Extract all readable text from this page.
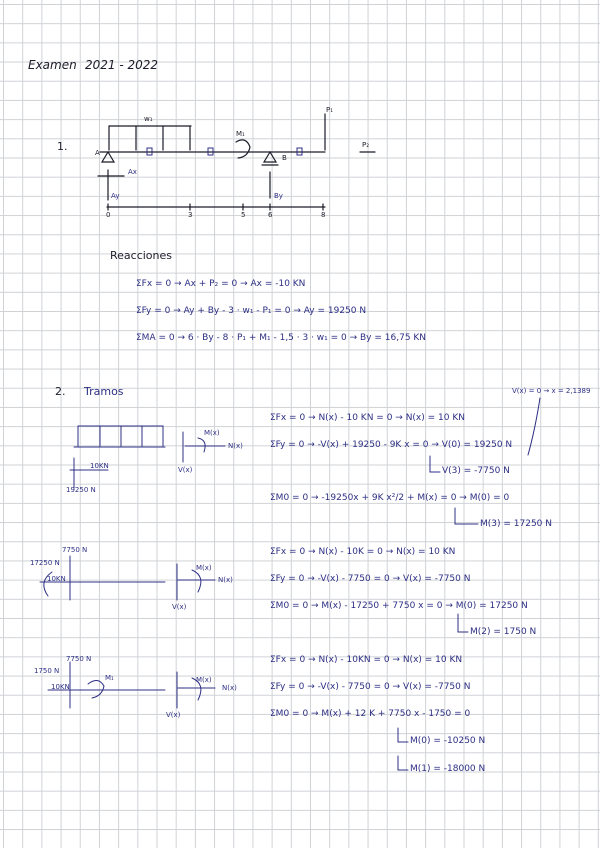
Examen 2021 - 2022
1.
w₁
M₁
P₁
P₂
A
B
Ax
Ay	By
0	3	5	6	8
Reacciones
ΣFx = 0 → Ax + P₂ = 0 → Ax = -10 KN
ΣFy = 0 → Ay + By - 3 · w₁ - P₁ = 0 → Ay = 19250 N
ΣMA = 0 → 6 · By - 8 · P₁ + M₁ - 1,5 · 3 · w₁ = 0 → By = 16,75 KN
2. Tramos	V(x) = 0 → x = 2,1389
M(x)
N(x)
V(x)
10KN
19250 N
ΣFx = 0 → N(x) - 10 KN = 0 → N(x) = 10 KN
ΣFy = 0 → -V(x) + 19250 - 9K x = 0 → V(0) = 19250 N
V(3) = -7750 N
ΣM0 = 0 → -19250x + 9K x²/2 + M(x) = 0 → M(0) = 0
M(3) = 17250 N
7750 N
17250 N
10KN
M(x)
N(x)
V(x)
ΣFx = 0 → N(x) - 10K = 0 → N(x) = 10 KN
ΣFy = 0 → -V(x) - 7750 = 0 → V(x) = -7750 N
ΣM0 = 0 → M(x) - 17250 + 7750 x = 0 → M(0) = 17250 N
M(2) = 1750 N
7750 N
1750 N
10KN
M₁	M(x)
N(x)
V(x)
ΣFx = 0 → N(x) - 10KN = 0 → N(x) = 10 KN
ΣFy = 0 → -V(x) - 7750 = 0 → V(x) = -7750 N
ΣM0 = 0 → M(x) + 12 K + 7750 x - 1750 = 0
M(0) = -10250 N
M(1) = -18000 N
